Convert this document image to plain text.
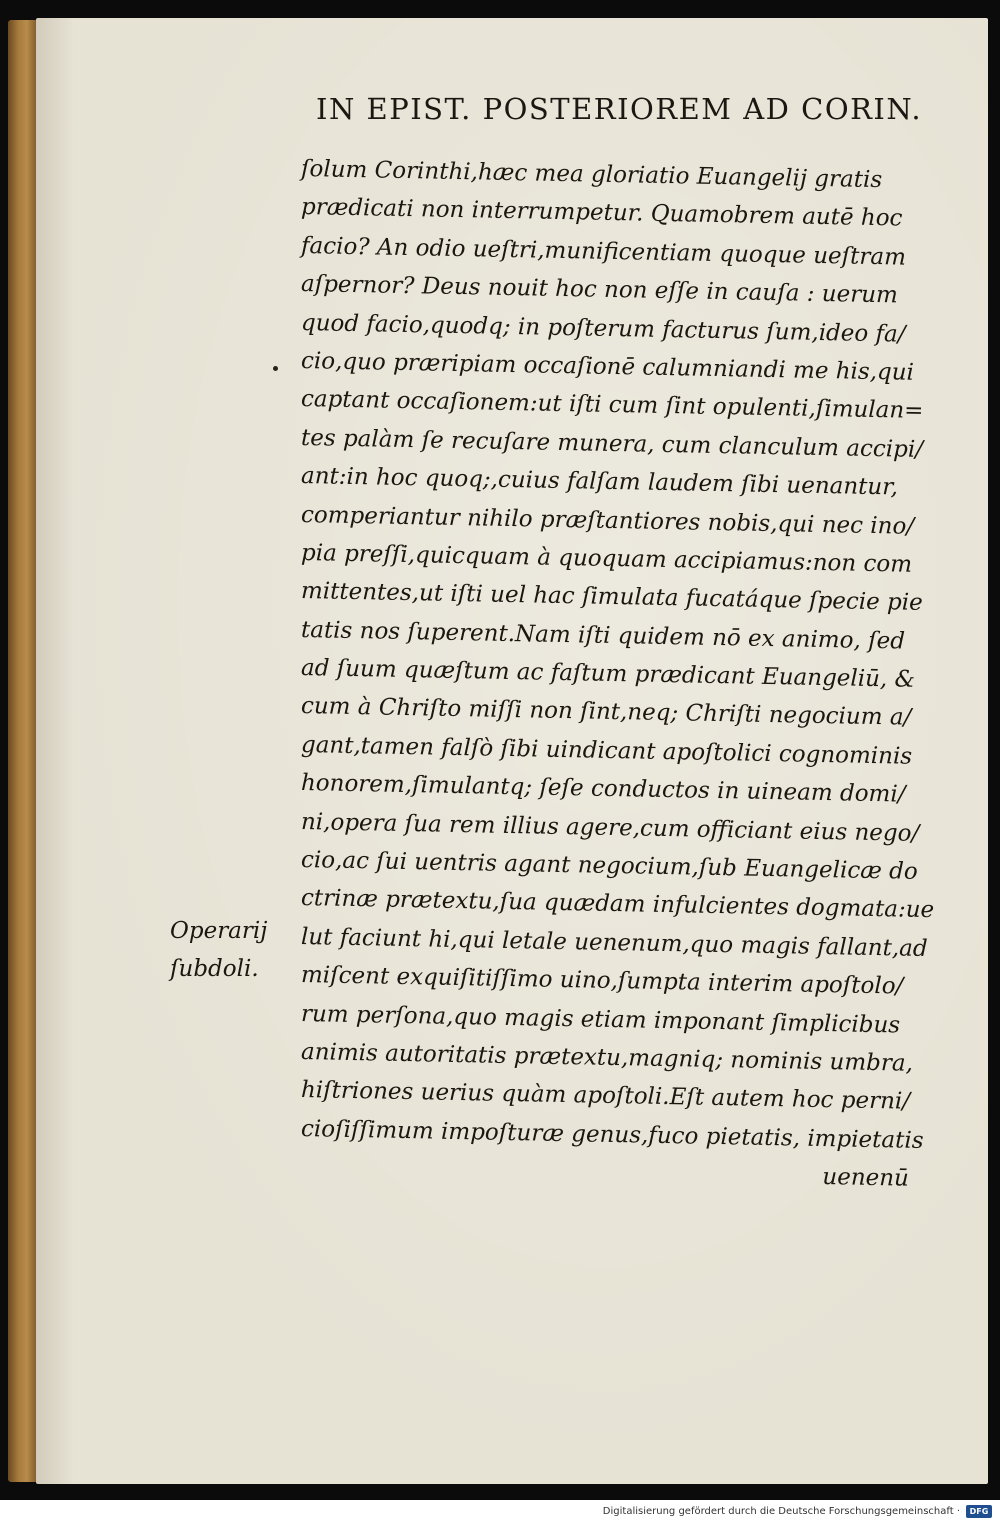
IN EPIST. POSTERIOREM AD CORIN.
Operarij
ſubdoli.
ſolum Corinthi,hæc mea gloriatio Euangelij gratis
prædicati non interrumpetur. Quamobrem autē hoc
facio? An odio ueſtri,munificentiam quoque ueſtram
aſpernor? Deus nouit hoc non eſſe in cauſa : uerum
quod facio,quodq; in poſterum facturus ſum,ideo fa/
cio,quo præripiam occaſionē calumniandi me his,qui
captant occaſionem:ut iſti cum ſint opulenti,ſimulan=
tes palàm ſe recuſare munera, cum clanculum accipi/
ant:in hoc quoq;,cuius falſam laudem ſibi uenantur,
comperiantur nihilo præſtantiores nobis,qui nec ino/
pia preſſi,quicquam à quoquam accipiamus:non com
mittentes,ut iſti uel hac ſimulata fucatáque ſpecie pie
tatis nos ſuperent.Nam iſti quidem nō ex animo, ſed
ad ſuum quæſtum ac faſtum prædicant Euangeliū, &
cum à Chriſto miſſi non ſint,neq; Chriſti negocium a/
gant,tamen falſò ſibi uindicant apoſtolici cognominis
honorem,ſimulantq; ſeſe conductos in uineam domi/
ni,opera ſua rem illius agere,cum officiant eius nego/
cio,ac ſui uentris agant negocium,ſub Euangelicæ do
ctrinæ prætextu,ſua quædam infulcientes dogmata:ue
lut faciunt hi,qui letale uenenum,quo magis fallant,ad
miſcent exquiſitiſſimo uino,ſumpta interim apoſtolo/
rum perſona,quo magis etiam imponant ſimplicibus
animis autoritatis prætextu,magniq; nominis umbra,
hiſtriones uerius quàm apoſtoli.Eſt autem hoc perni/
cioſiſſimum impoſturæ genus,fuco pietatis, impietatis
uenenū
Digitalisierung gefördert durch die Deutsche Forschungsgemeinschaft ·	DFG
